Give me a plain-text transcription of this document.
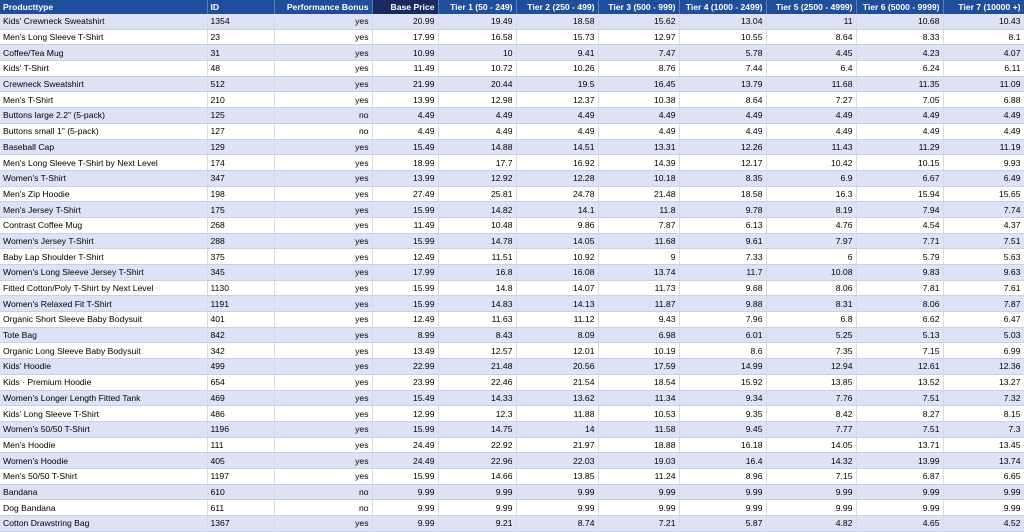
Producttype	ID	Performance Bonus	Base Price	Tier 1 (50 - 249)	Tier 2 (250 - 499)	Tier 3 (500 - 999)	Tier 4 (1000 - 2499)	Tier 5 (2500 - 4999)	Tier 6 (5000 - 9999)	Tier 7 (10000 +)
Kids' Crewneck Sweatshirt	1354	yes	20.99	19.49	18.58	15.62	13.04	11	10.68	10.43
Men's Long Sleeve T-Shirt	23	yes	17.99	16.58	15.73	12.97	10.55	8.64	8.33	8.1
Coffee/Tea Mug	31	yes	10.99	10	9.41	7.47	5.78	4.45	4.23	4.07
Kids' T-Shirt	48	yes	11.49	10.72	10.26	8.76	7.44	6.4	6.24	6.11
Crewneck Sweatshirt	512	yes	21.99	20.44	19.5	16.45	13.79	11.68	11.35	11.09
Men's T-Shirt	210	yes	13.99	12.98	12.37	10.38	8.64	7.27	7.05	6.88
Buttons large 2.2" (5-pack)	125	no	4.49	4.49	4.49	4.49	4.49	4.49	4.49	4.49
Buttons small 1" (5-pack)	127	no	4.49	4.49	4.49	4.49	4.49	4.49	4.49	4.49
Baseball Cap	129	yes	15.49	14.88	14.51	13.31	12.26	11.43	11.29	11.19
Men's Long Sleeve T-Shirt by Next Level	174	yes	18.99	17.7	16.92	14.39	12.17	10.42	10.15	9.93
Women's T-Shirt	347	yes	13.99	12.92	12.28	10.18	8.35	6.9	6.67	6.49
Men's Zip Hoodie	198	yes	27.49	25.81	24.78	21.48	18.58	16.3	15.94	15.65
Men's Jersey T-Shirt	175	yes	15.99	14.82	14.1	11.8	9.78	8.19	7.94	7.74
Contrast Coffee Mug	268	yes	11.49	10.48	9.86	7.87	6.13	4.76	4.54	4.37
Women's Jersey T-Shirt	288	yes	15.99	14.78	14.05	11.68	9.61	7.97	7.71	7.51
Baby Lap Shoulder T-Shirt	375	yes	12.49	11.51	10.92	9	7.33	6	5.79	5.63
Women's Long Sleeve Jersey T-Shirt	345	yes	17.99	16.8	16.08	13.74	11.7	10.08	9.83	9.63
Fitted Cotton/Poly T-Shirt by Next Level	1130	yes	15.99	14.8	14.07	11.73	9.68	8.06	7.81	7.61
Women's Relaxed Fit T-Shirt	1191	yes	15.99	14.83	14.13	11.87	9.88	8.31	8.06	7.87
Organic Short Sleeve Baby Bodysuit	401	yes	12.49	11.63	11.12	9.43	7.96	6.8	6.62	6.47
Tote Bag	842	yes	8.99	8.43	8.09	6.98	6.01	5.25	5.13	5.03
Organic Long Sleeve Baby Bodysuit	342	yes	13.49	12.57	12.01	10.19	8.6	7.35	7.15	6.99
Kids' Hoodie	499	yes	22.99	21.48	20.56	17.59	14.99	12.94	12.61	12.36
Kids · Premium Hoodie	654	yes	23.99	22.46	21.54	18.54	15.92	13.85	13.52	13.27
Women's Longer Length Fitted Tank	469	yes	15.49	14.33	13.62	11.34	9.34	7.76	7.51	7.32
Kids' Long Sleeve T-Shirt	486	yes	12.99	12.3	11.88	10.53	9.35	8.42	8.27	8.15
Women's 50/50 T-Shirt	1196	yes	15.99	14.75	14	11.58	9.45	7.77	7.51	7.3
Men's Hoodie	111	yes	24.49	22.92	21.97	18.88	16.18	14.05	13.71	13.45
Women's Hoodie	405	yes	24.49	22.96	22.03	19.03	16.4	14.32	13.99	13.74
Men's 50/50 T-Shirt	1197	yes	15.99	14.66	13.85	11.24	8.96	7.15	6.87	6.65
Bandana	610	no	9.99	9.99	9.99	9.99	9.99	9.99	9.99	9.99
Dog Bandana	611	no	9.99	9.99	9.99	9.99	9.99	9.99	9.99	9.99
Cotton Drawstring Bag	1367	yes	9.99	9.21	8.74	7.21	5.87	4.82	4.65	4.52
